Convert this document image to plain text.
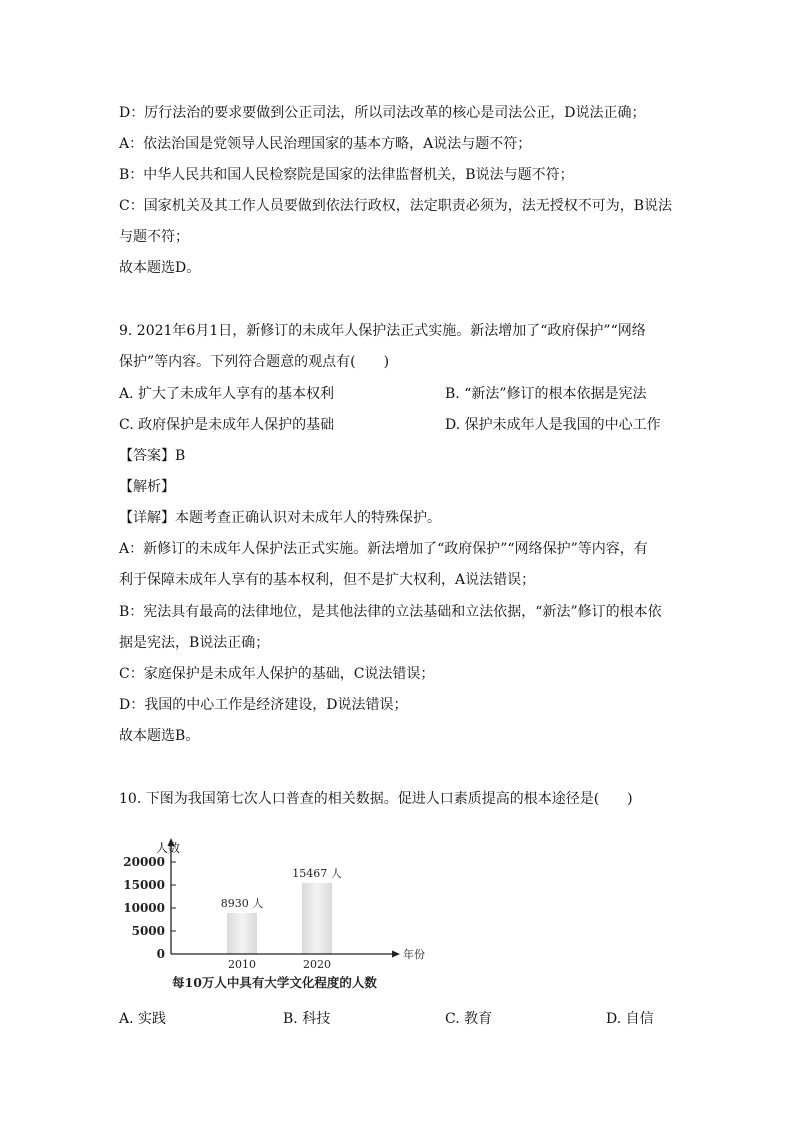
D：厉行法治的要求要做到公正司法，所以司法改革的核心是司法公正，D说法正确；
A：依法治国是党领导人民治理国家的基本方略，A说法与题不符；
B：中华人民共和国人民检察院是国家的法律监督机关，B说法与题不符；
C：国家机关及其工作人员要做到依法行政权，法定职责必须为，法无授权不可为，B说法
与题不符；
故本题选D。
9. 2021年6月1日，新修订的未成年人保护法正式实施。新法增加了“政府保护”“网络
保护”等内容。下列符合题意的观点有(　　)
A. 扩大了未成年人享有的基本权利	B. “新法”修订的根本依据是宪法
C. 政府保护是未成年人保护的基础	D. 保护未成年人是我国的中心工作
【答案】B
【解析】
【详解】本题考查正确认识对未成年人的特殊保护。
A：新修订的未成年人保护法正式实施。新法增加了“政府保护”“网络保护”等内容，有
利于保障未成年人享有的基本权利，但不是扩大权利，A说法错误；
B：宪法具有最高的法律地位，是其他法律的立法基础和立法依据，“新法”修订的根本依
据是宪法，B说法正确；
C：家庭保护是未成年人保护的基础，C说法错误；
D：我国的中心工作是经济建设，D说法错误；
故本题选B。
10. 下图为我国第七次人口普查的相关数据。促进人口素质提高的根本途径是(　　)
0
5000
10000
15000
20000
人数
年份
2010	2020
8930 人
15467 人
每10万人中具有大学文化程度的人数
A. 实践	B. 科技	C. 教育	D. 自信
